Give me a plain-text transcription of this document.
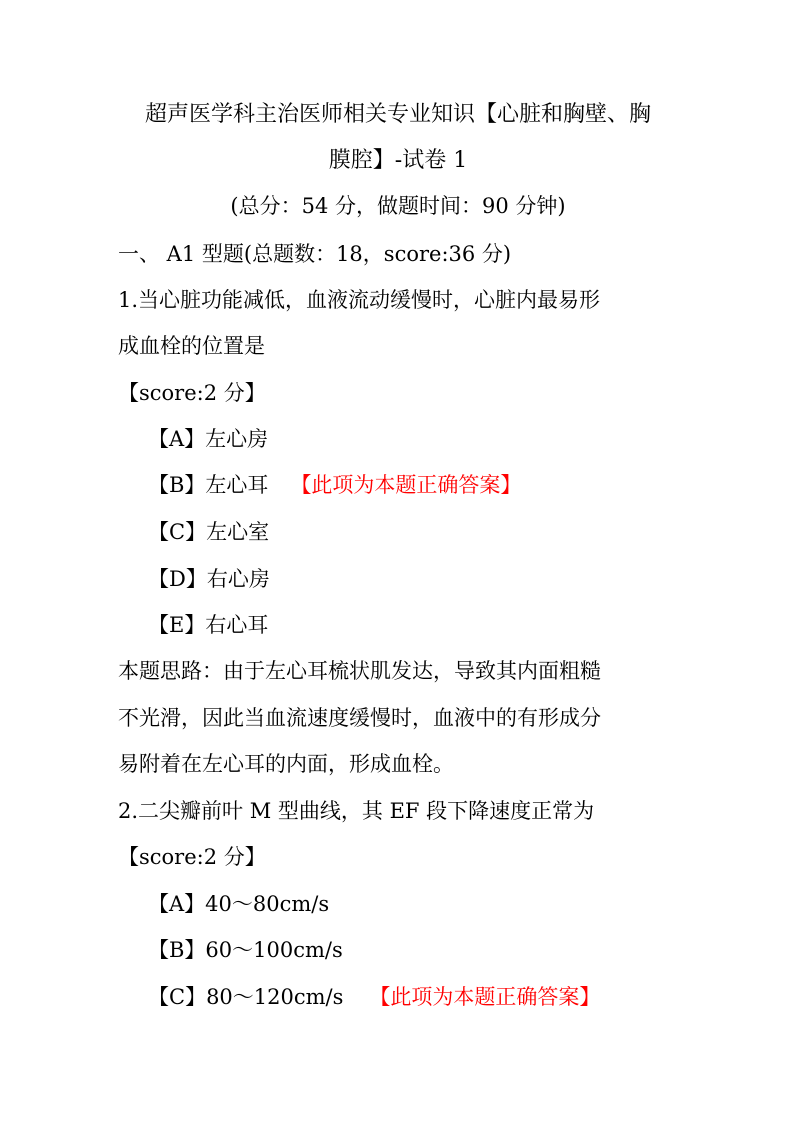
超声医学科主治医师相关专业知识【心脏和胸壁、胸
膜腔】-试卷 1
(总分：54 分，做题时间：90 分钟)
一、 A1 型题(总题数：18，score:36 分)
1.当心脏功能减低，血液流动缓慢时，心脏内最易形
成血栓的位置是
【score:2 分】
【A】左心房
【B】左心耳 【此项为本题正确答案】
【C】左心室
【D】右心房
【E】右心耳
本题思路：由于左心耳梳状肌发达，导致其内面粗糙
不光滑，因此当血流速度缓慢时，血液中的有形成分
易附着在左心耳的内面，形成血栓。
2.二尖瓣前叶 M 型曲线，其 EF 段下降速度正常为
【score:2 分】
【A】40～80cm/s
【B】60～100cm/s
【C】80～120cm/s 【此项为本题正确答案】
